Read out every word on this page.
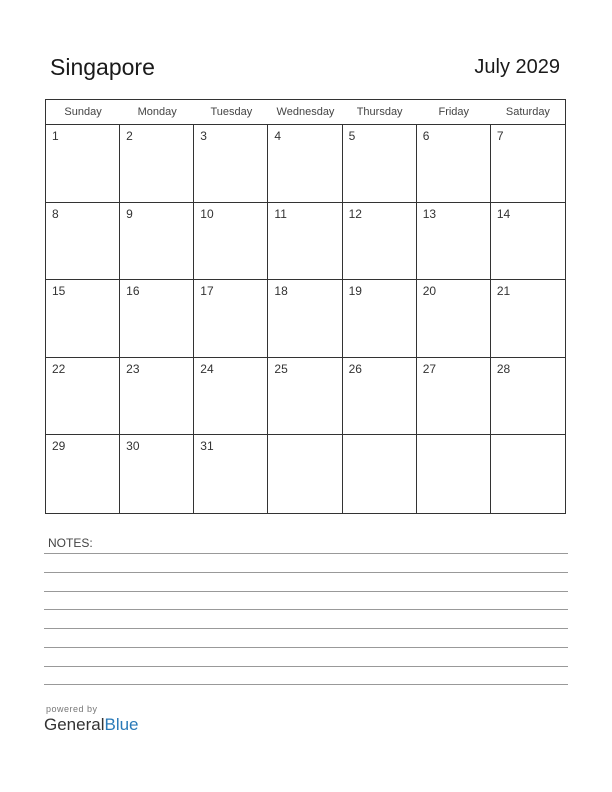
Singapore	July 2029
Sunday	Monday	Tuesday	Wednesday	Thursday	Friday	Saturday
1	2	3	4	5	6	7
8	9	10	11	12	13	14
15	16	17	18	19	20	21
22	23	24	25	26	27	28
29	30	31
NOTES:
powered by
GeneralBlue
